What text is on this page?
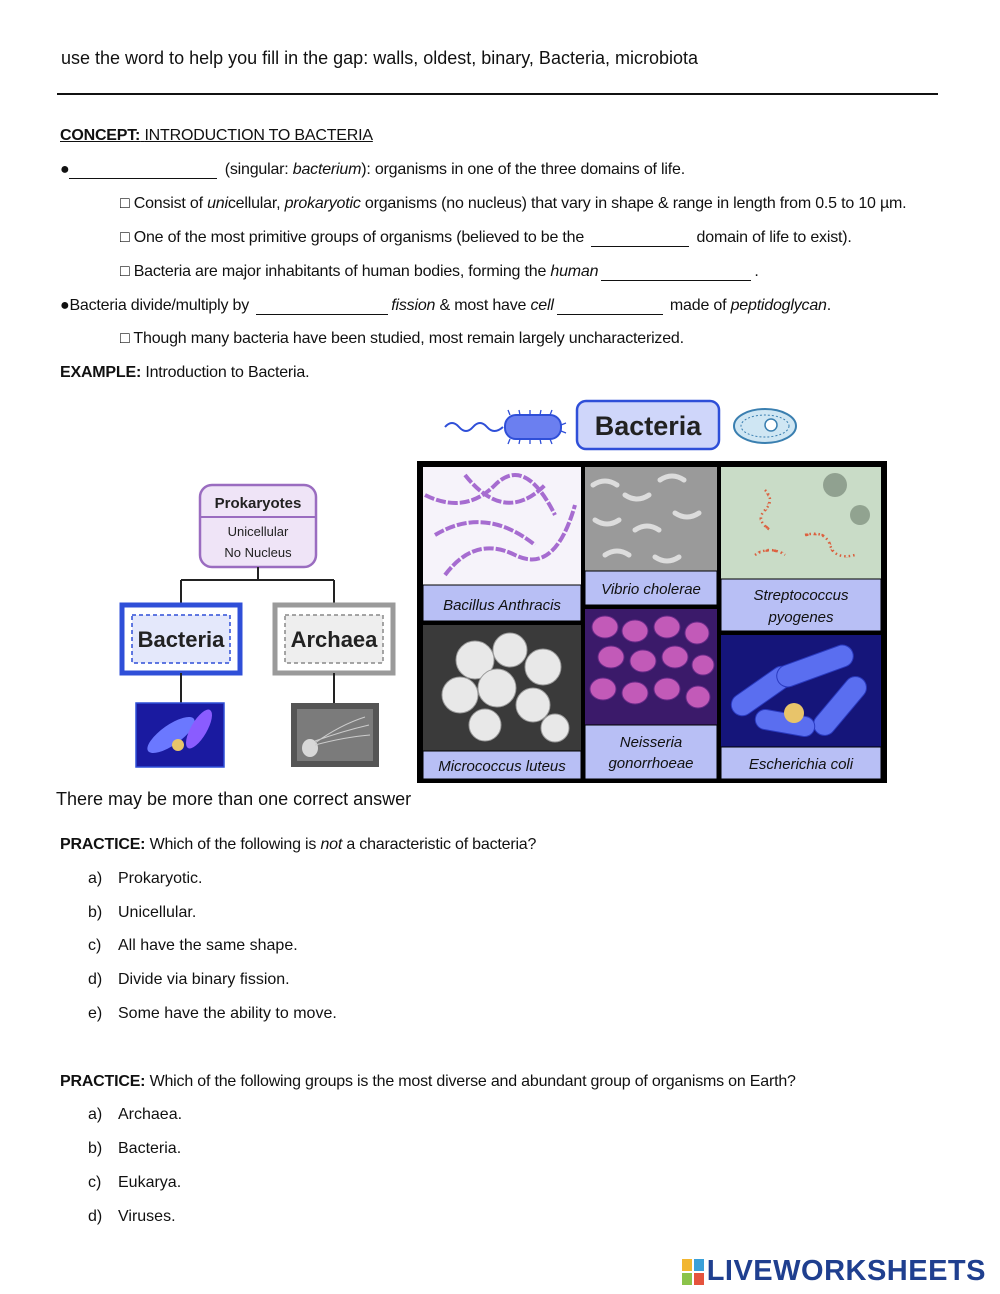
use the word to help you fill in the gap: walls, oldest, binary, Bacteria, microbiota
CONCEPT: INTRODUCTION TO BACTERIA
●	(singular: bacterium): organisms in one of the three domains of life.
□ Consist of unicellular, prokaryotic organisms (no nucleus) that vary in shape & range in length from 0.5 to 10 µm.
□ One of the most primitive groups of organisms (believed to be the	domain of life to exist).
□ Bacteria are major inhabitants of human bodies, forming the human	.
●Bacteria divide/multiply by	fission & most have cell	made of peptidoglycan.
□ Though many bacteria have been studied, most remain largely uncharacterized.
EXAMPLE: Introduction to Bacteria.
Prokaryotes
Unicellular
No Nucleus
Bacteria	Archaea
Bacteria
Bacillus Anthracis
Vibrio cholerae	Streptococcus
pyogenes
Micrococcus luteus
Neisseria
gonorrhoeae	Escherichia coli
There may be more than one correct answer
PRACTICE: Which of the following is not a characteristic of bacteria?
a) Prokaryotic.
b) Unicellular.
c) All have the same shape.
d) Divide via binary fission.
e) Some have the ability to move.
PRACTICE: Which of the following groups is the most diverse and abundant group of organisms on Earth?
a) Archaea.
b) Bacteria.
c) Eukarya.
d) Viruses.
LIVEWORKSHEETS
